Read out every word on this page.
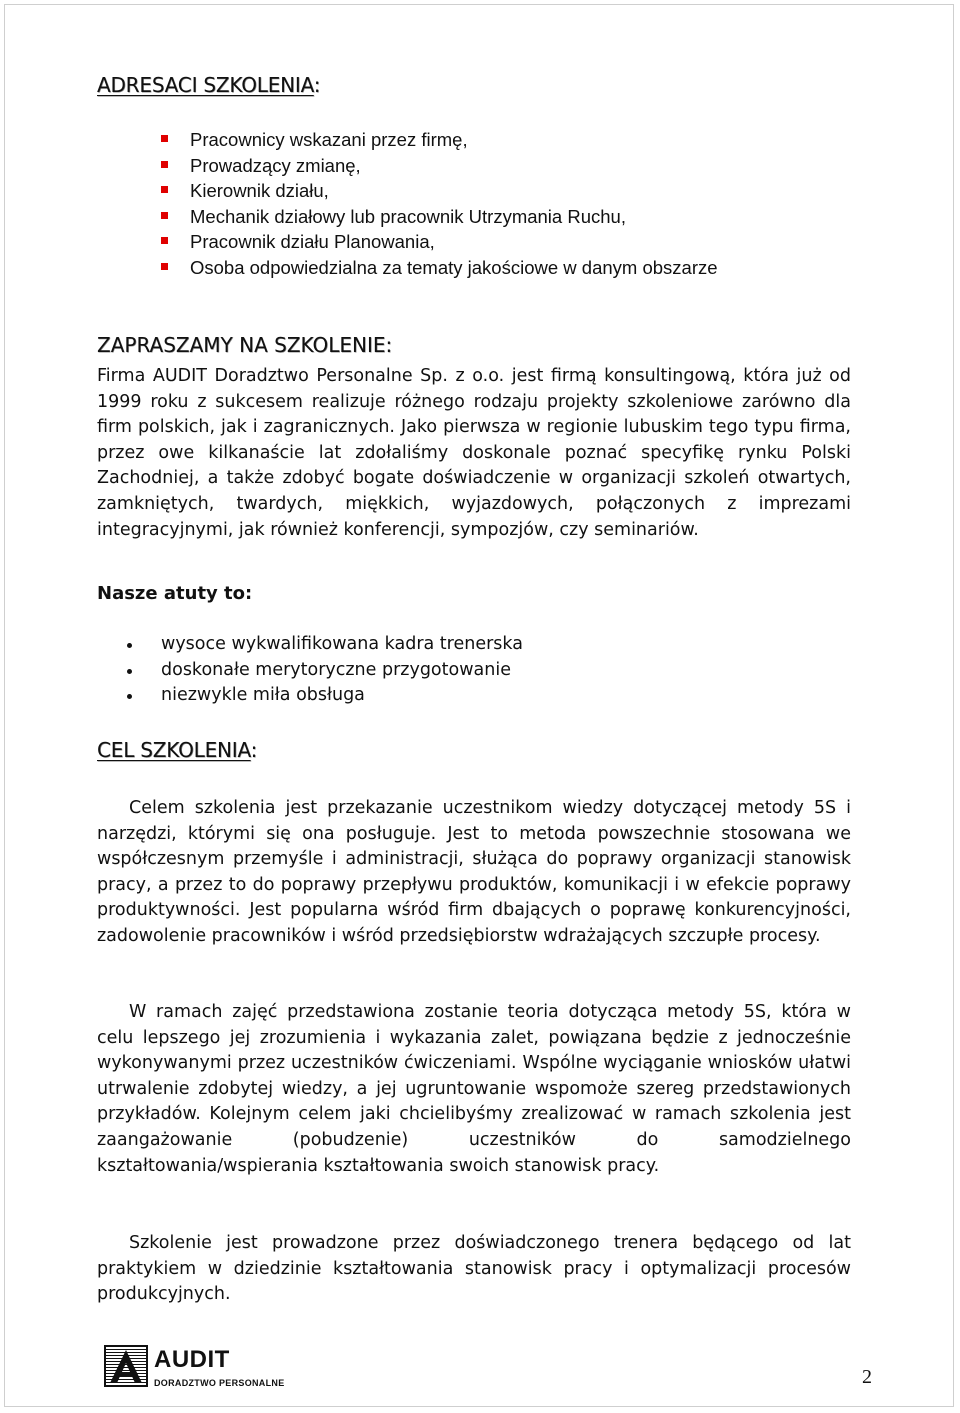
ADRESACI SZKOLENIA:
Pracownicy wskazani przez firmę,
Prowadzący zmianę,
Kierownik działu,
Mechanik działowy lub pracownik Utrzymania Ruchu,
Pracownik działu Planowania,
Osoba odpowiedzialna za tematy jakościowe w danym obszarze
ZAPRASZAMY NA SZKOLENIE:

Firma AUDIT Doradztwo Personalne Sp. z o.o. jest firmą konsultingową, która już od 1999 roku z sukcesem realizuje różnego rodzaju projekty szkoleniowe zarówno dla firm polskich, jak i zagranicznych. Jako pierwsza w regionie lubuskim tego typu firma, przez owe kilkanaście lat zdołaliśmy doskonale poznać specyfikę rynku Polski Zachodniej, a także zdobyć bogate doświadczenie w organizacji szkoleń otwartych, zamkniętych, twardych, miękkich, wyjazdowych, połączonych z imprezami integracyjnymi, jak również konferencji, sympozjów, czy seminariów.

Nasze atuty to:
wysoce wykwalifikowana kadra trenerska
doskonałe merytoryczne przygotowanie
niezwykle miła obsługa
CEL SZKOLENIA:

Celem szkolenia jest przekazanie uczestnikom wiedzy dotyczącej metody 5S i narzędzi, którymi się ona posługuje. Jest to metoda powszechnie stosowana we współczesnym przemyśle i administracji, służąca do poprawy organizacji stanowisk pracy, a przez to do poprawy przepływu produktów, komunikacji i w efekcie poprawy produktywności. Jest popularna wśród firm dbających o poprawę konkurencyjności, zadowolenie pracowników i wśród przedsiębiorstw wdrażających szczupłe procesy.

W ramach zajęć przedstawiona zostanie teoria dotycząca metody 5S, która w celu lepszego jej zrozumienia i wykazania zalet, powiązana będzie z jednocześnie wykonywanymi przez uczestników ćwiczeniami. Wspólne wyciąganie wniosków ułatwi utrwalenie zdobytej wiedzy, a jej ugruntowanie wspomoże szereg przedstawionych przykładów. Kolejnym celem jaki chcielibyśmy zrealizować w ramach szkolenia jest zaangażowanie (pobudzenie) uczestników do samodzielnego kształtowania/wspierania kształtowania swoich stanowisk pracy.

Szkolenie jest prowadzone przez doświadczonego trenera będącego od lat praktykiem w dziedzinie kształtowania stanowisk pracy i optymalizacji procesów produkcyjnych.

AUDIT
DORADZTWO PERSONALNE	2
